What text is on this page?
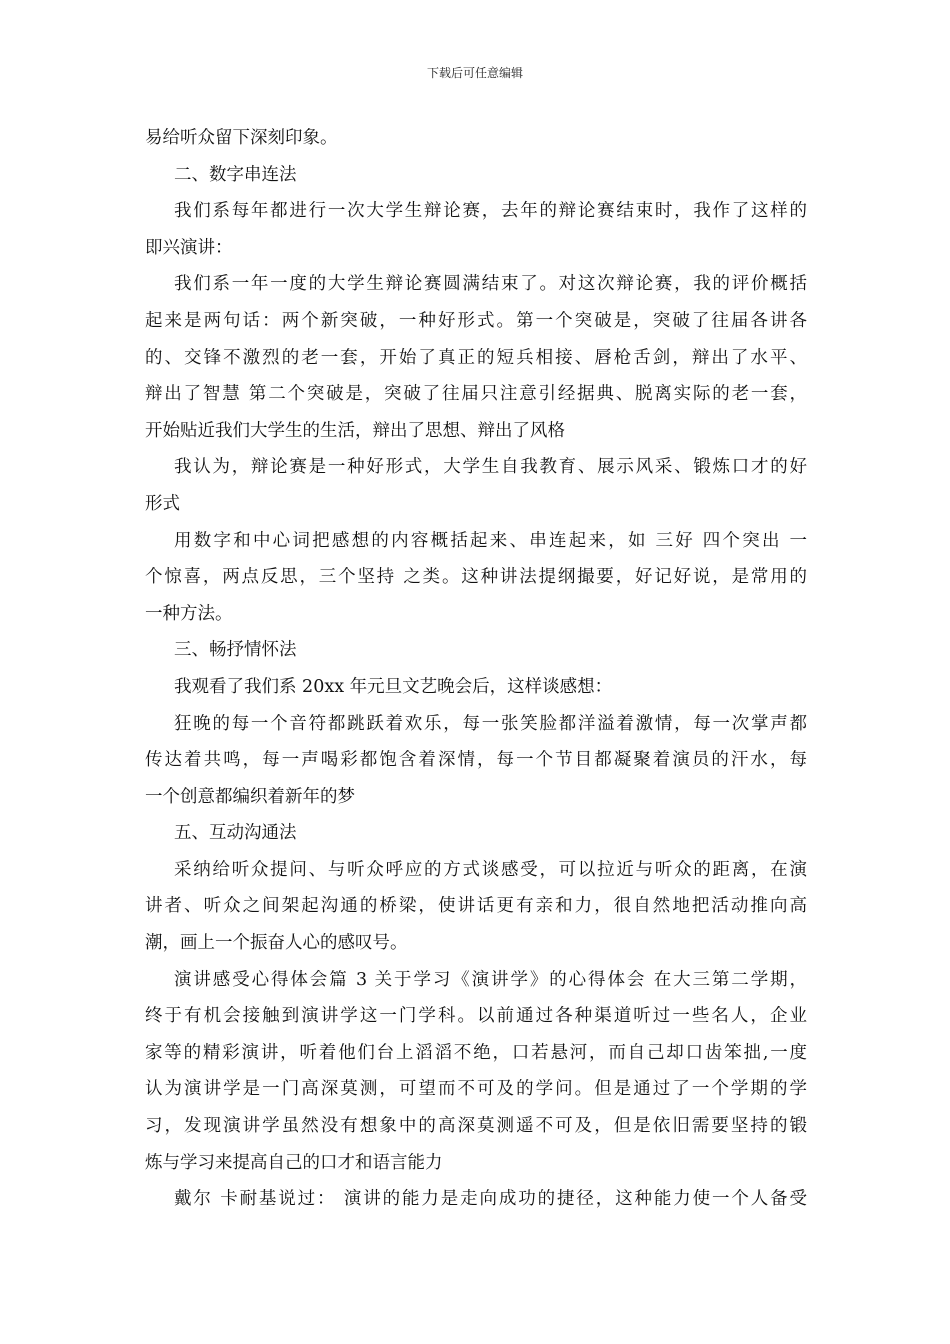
下载后可任意编辑
易给听众留下深刻印象。
二、数字串连法
我们系每年都进行一次大学生辩论赛，去年的辩论赛结束时，我作了这样的
即兴演讲：
我们系一年一度的大学生辩论赛圆满结束了。对这次辩论赛，我的评价概括
起来是两句话：两个新突破，一种好形式。第一个突破是，突破了往届各讲各
的、交锋不激烈的老一套，开始了真正的短兵相接、唇枪舌剑，辩出了水平、
辩出了智慧 第二个突破是，突破了往届只注意引经据典、脱离实际的老一套，
开始贴近我们大学生的生活，辩出了思想、辩出了风格
我认为，辩论赛是一种好形式，大学生自我教育、展示风采、锻炼口才的好
形式
用数字和中心词把感想的内容概括起来、串连起来，如 三好 四个突出 一
个惊喜，两点反思，三个坚持 之类。这种讲法提纲撮要，好记好说，是常用的
一种方法。
三、畅抒情怀法
我观看了我们系 20xx 年元旦文艺晚会后，这样谈感想：
狂晚的每一个音符都跳跃着欢乐，每一张笑脸都洋溢着激情，每一次掌声都
传达着共鸣，每一声喝彩都饱含着深情，每一个节目都凝聚着演员的汗水，每
一个创意都编织着新年的梦
五、互动沟通法
采纳给听众提问、与听众呼应的方式谈感受，可以拉近与听众的距离，在演
讲者、听众之间架起沟通的桥梁，使讲话更有亲和力，很自然地把活动推向高
潮，画上一个振奋人心的感叹号。
演讲感受心得体会篇 3 关于学习《演讲学》的心得体会 在大三第二学期，
终于有机会接触到演讲学这一门学科。以前通过各种渠道听过一些名人，企业
家等的精彩演讲，听着他们台上滔滔不绝，口若悬河，而自己却口齿笨拙,一度
认为演讲学是一门高深莫测，可望而不可及的学问。但是通过了一个学期的学
习，发现演讲学虽然没有想象中的高深莫测遥不可及，但是依旧需要坚持的锻
炼与学习来提高自己的口才和语言能力
戴尔 卡耐基说过： 演讲的能力是走向成功的捷径，这种能力使一个人备受
